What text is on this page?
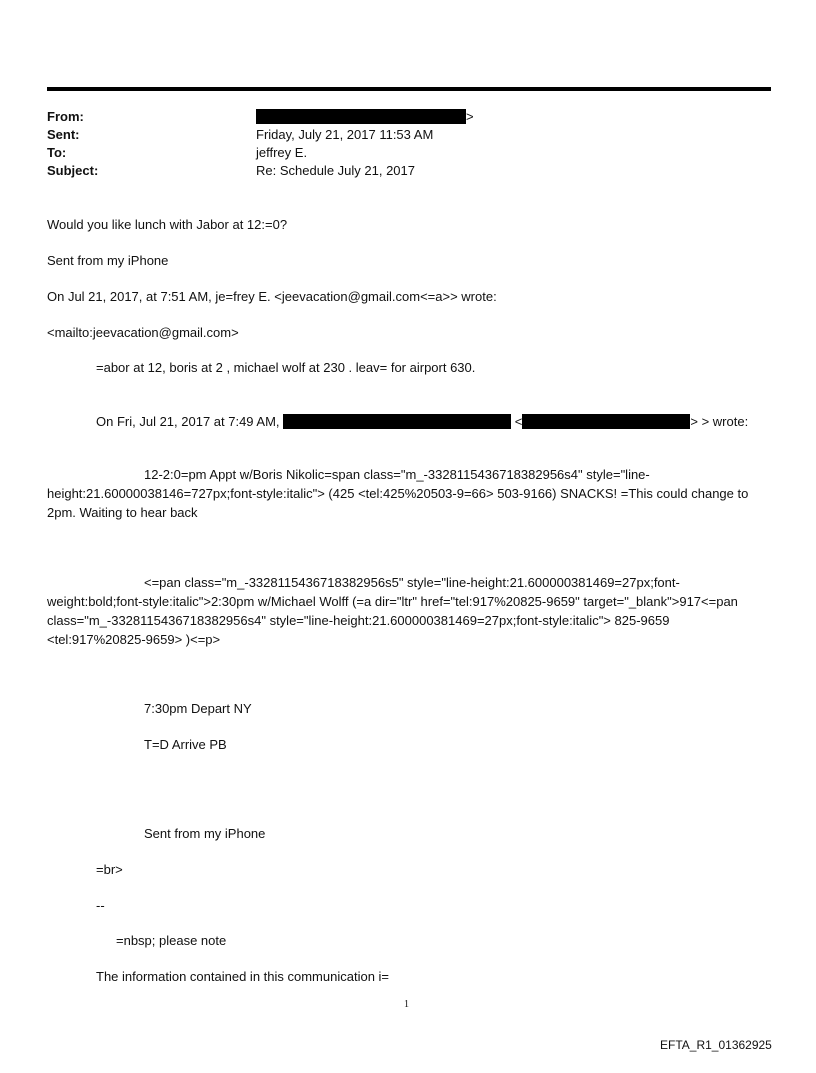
From:	>
Sent:	Friday, July 21, 2017 11:53 AM
To:	jeffrey E.
Subject:	Re: Schedule July 21, 2017
Would you like lunch with Jabor at 12:=0?
Sent from my iPhone
On Jul 21, 2017, at 7:51 AM, je=frey E. <jeevacation@gmail.com<=a>> wrote:
<mailto:jeevacation@gmail.com>
=abor at 12, boris at 2 , michael wolf at 230 . leav= for airport 630.
On Fri, Jul 21, 2017 at 7:49 AM,	<	> > wrote:
12-2:0=pm Appt w/Boris Nikolic=span class="m_-3328115436718382956s4" style="line- height:21.60000038146=727px;font-style:italic"> (425 <tel:425%20503-9=66> 503-9166) SNACKS! =This could change to 2pm. Waiting to hear back
<=pan class="m_-3328115436718382956s5" style="line-height:21.600000381469=27px;font- weight:bold;font-style:italic">2:30pm w/Michael Wolff (=a dir="ltr" href="tel:917%20825-9659" target="_blank">917<=pan class="m_-3328115436718382956s4" style="line-height:21.600000381469=27px;font-style:italic"> 825-9659 <tel:917%20825-9659> )<=p>
7:30pm Depart NY
T=D Arrive PB
Sent from my iPhone
=br>
--
=nbsp; please note
The information contained in this communication i=
1
EFTA_R1_01362925
